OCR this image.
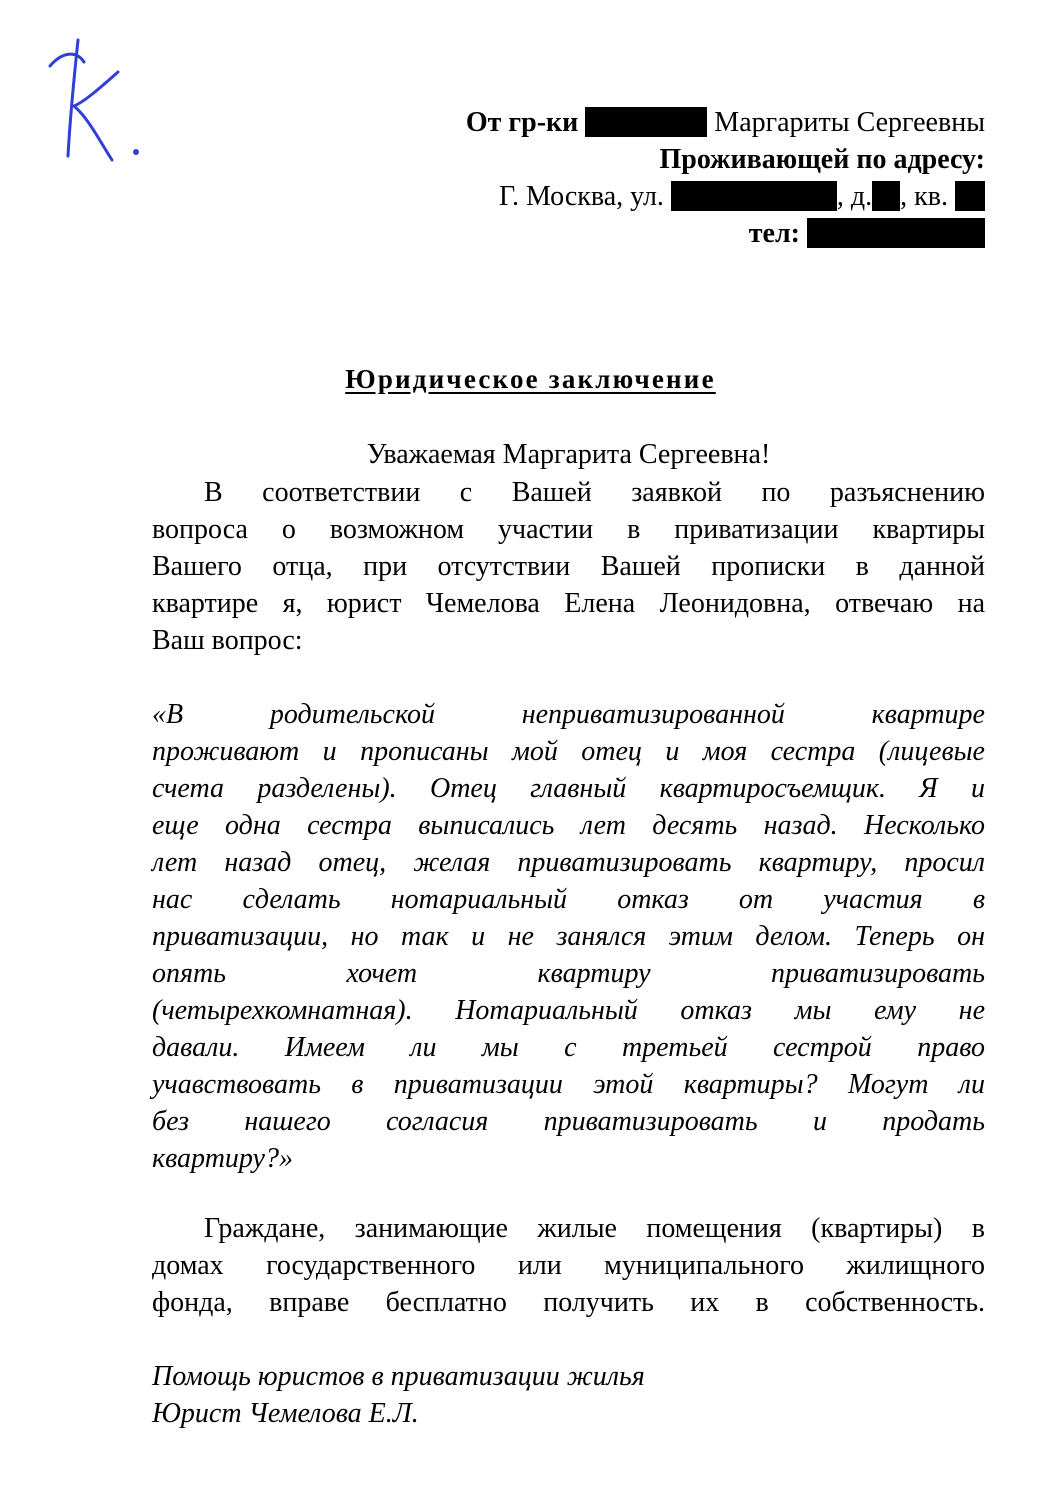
От гр-ки	Маргариты Сергеевны
Проживающей по адресу:
Г. Москва, ул.	, д. , кв.
тел:
Юридическое заключение
Уважаемая Маргарита Сергеевна!
В соответствии с Вашей заявкой по разъяснению
вопроса о возможном участии в приватизации квартиры
Вашего отца, при отсутствии Вашей прописки в данной
квартире я, юрист Чемелова Елена Леонидовна, отвечаю на
Ваш вопрос:
«В родительской неприватизированной квартире
проживают и прописаны мой отец и моя сестра (лицевые
счета разделены). Отец главный квартиросъемщик. Я и
еще одна сестра выписались лет десять назад. Несколько
лет назад отец, желая приватизировать квартиру, просил
нас сделать нотариальный отказ от участия в
приватизации, но так и не занялся этим делом. Теперь он
опять хочет квартиру приватизировать
(четырехкомнатная). Нотариальный отказ мы ему не
давали. Имеем ли мы с третьей сестрой право
учавствовать в приватизации этой квартиры? Могут ли
без нашего согласия приватизировать и продать
квартиру?»
Граждане, занимающие жилые помещения (квартиры) в
домах государственного или муниципального жилищного
фонда, вправе бесплатно получить их в собственность.
Помощь юристов в приватизации жилья
Юрист Чемелова Е.Л.
